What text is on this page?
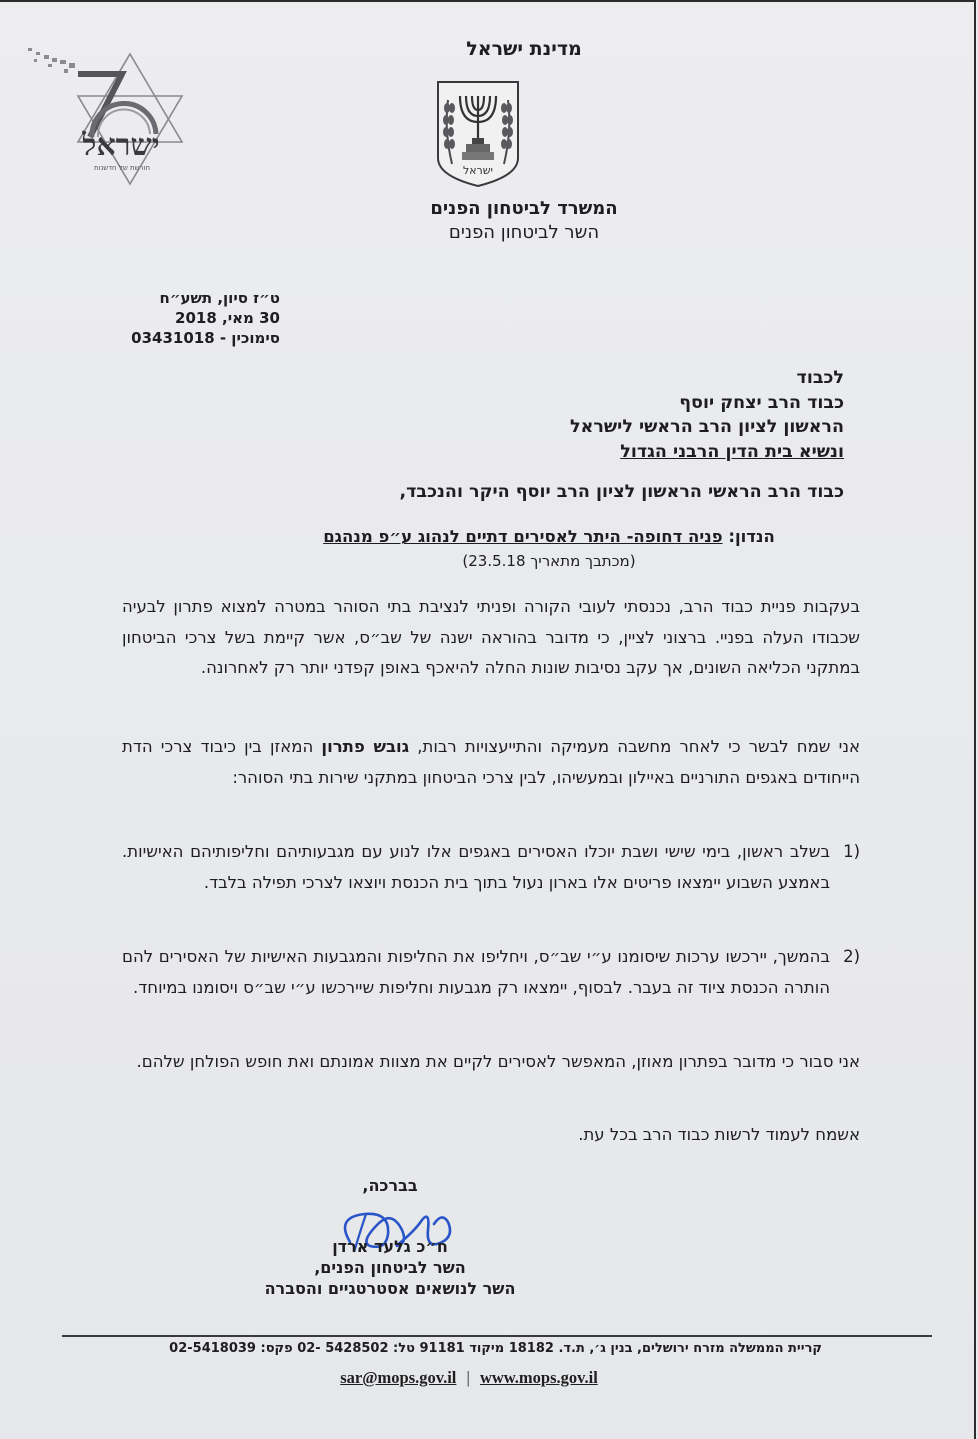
ישראל
חורשת של חדשנות
מדינת ישראל
ישראל
המשרד לביטחון הפנים
השר לביטחון הפנים
ט״ז סיון, תשע״ח
30 מאי, 2018
סימוכין - 03431018
לכבוד
כבוד הרב יצחק יוסף
הראשון לציון הרב הראשי לישראל
ונשיא בית הדין הרבני הגדול
כבוד הרב הראשי הראשון לציון הרב יוסף היקר והנכבד,
הנדון: פניה דחופה- היתר לאסירים דתיים לנהוג ע״פ מנהגם
(מכתבך מתאריך 23.5.18)
בעקבות פניית כבוד הרב, נכנסתי לעובי הקורה ופניתי לנציבת בתי הסוהר במטרה למצוא פתרון לבעיה שכבודו העלה בפניי. ברצוני לציין, כי מדובר בהוראה ישנה של שב״ס, אשר קיימת בשל צרכי הביטחון במתקני הכליאה השונים, אך עקב נסיבות שונות החלה להיאכף באופן קפדני יותר רק לאחרונה.
אני שמח לבשר כי לאחר מחשבה מעמיקה והתייעצויות רבות, גובש פתרון המאזן בין כיבוד צרכי הדת הייחודים באגפים התורניים באיילון ובמעשיהו, לבין צרכי הביטחון במתקני שירות בתי הסוהר:
(1
בשלב ראשון, בימי שישי ושבת יוכלו האסירים באגפים אלו לנוע עם מגבעותיהם וחליפותיהם האישיות. באמצע השבוע יימצאו פריטים אלו בארון נעול בתוך בית הכנסת ויוצאו לצרכי תפילה בלבד.
(2
בהמשך, יירכשו ערכות שיסומנו ע״י שב״ס, ויחליפו את החליפות והמגבעות האישיות של האסירים להם הותרה הכנסת ציוד זה בעבר. לבסוף, יימצאו רק מגבעות וחליפות שיירכשו ע״י שב״ס ויסומנו במיוחד.
אני סבור כי מדובר בפתרון מאוזן, המאפשר לאסירים לקיים את מצוות אמונתם ואת חופש הפולחן שלהם.
אשמח לעמוד לרשות כבוד הרב בכל עת.
בברכה,
ח״כ גלעד ארדן
השר לביטחון הפנים,
השר לנושאים אסטרטגיים והסברה
קריית הממשלה מזרח ירושלים, בנין ג׳, ת.ד. 18182 מיקוד 91181 טל: 5428502 -02 פקס: 02-5418039
sar@mops.gov.il | www.mops.gov.il
